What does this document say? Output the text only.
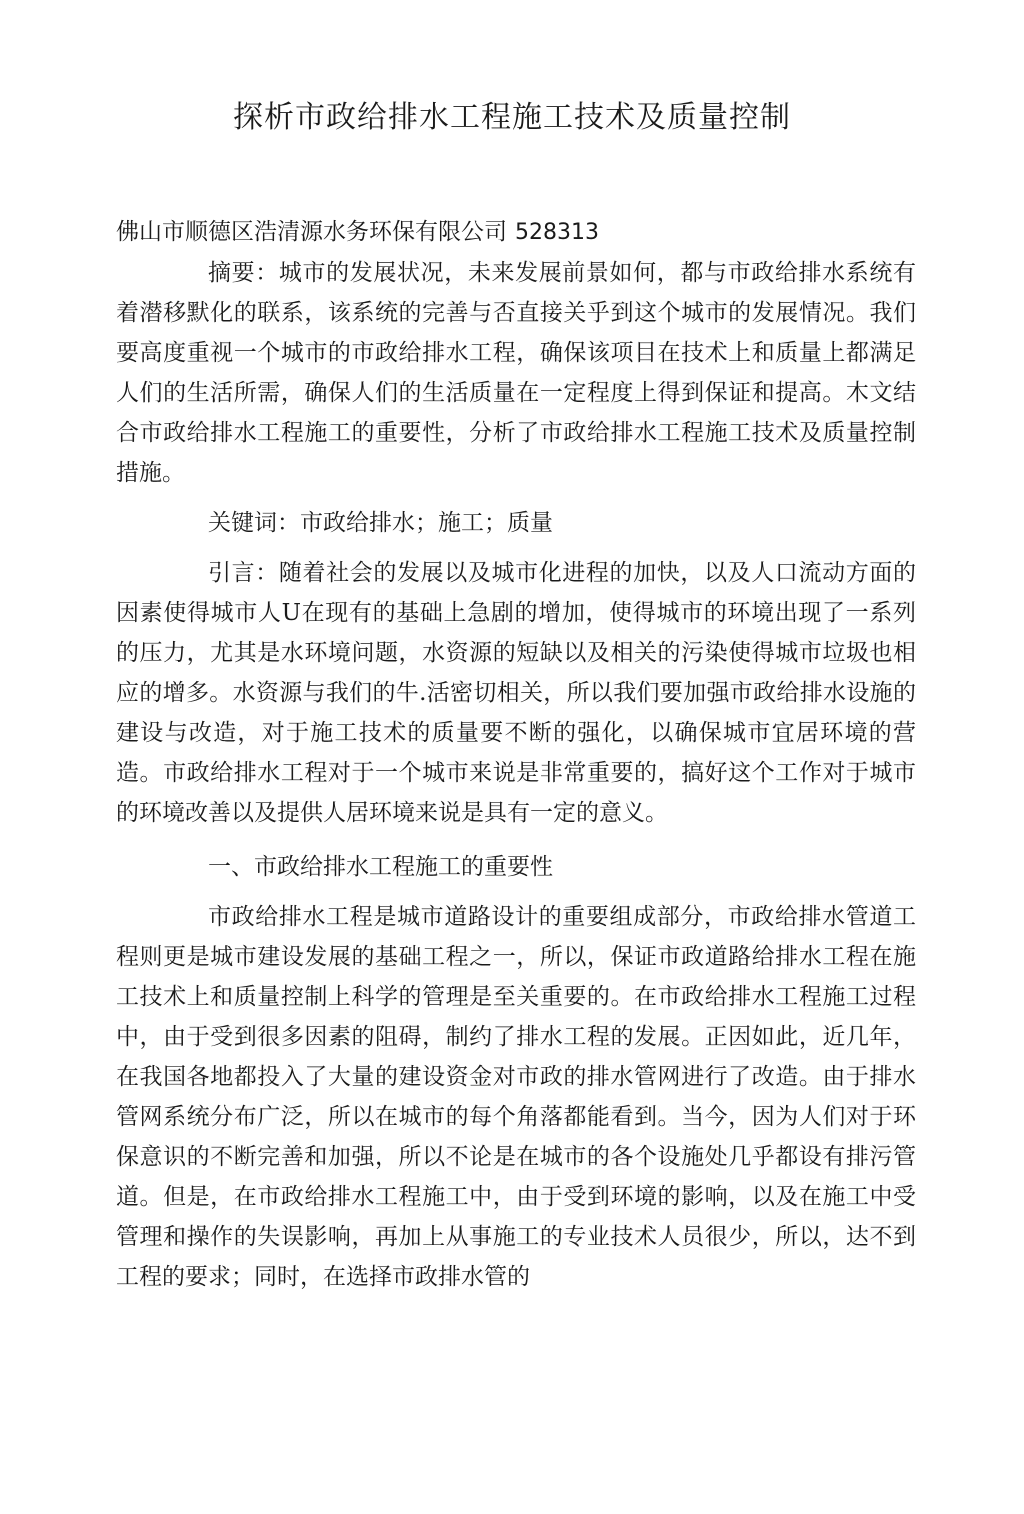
探析市政给排水工程施工技术及质量控制

佛山市顺德区浩清源水务环保有限公司 528313

摘要：城市的发展状况，未来发展前景如何，都与市政给排水系统有着潜移默化的联系，该系统的完善与否直接关乎到这个城市的发展情况。我们要高度重视一个城市的市政给排水工程，确保该项目在技术上和质量上都满足人们的生活所需，确保人们的生活质量在一定程度上得到保证和提高。木文结合市政给排水工程施工的重要性，分析了市政给排水工程施工技术及质量控制措施。

关键词：市政给排水；施工；质量

引言：随着社会的发展以及城市化进程的加快，以及人口流动方面的因素使得城市人U在现有的基础上急剧的增加，使得城市的环境出现了一系列的压力，尤其是水环境问题，水资源的短缺以及相关的污染使得城市垃圾也相应的增多。水资源与我们的牛.活密切相关，所以我们要加强市政给排水设施的建设与改造，对于施工技术的质量要不断的强化，以确保城市宜居环境的营造。市政给排水工程对于一个城市来说是非常重要的，搞好这个工作对于城市的环境改善以及提供人居环境来说是具有一定的意义。

一、市政给排水工程施工的重要性

市政给排水工程是城市道路设计的重要组成部分，市政给排水管道工程则更是城市建设发展的基础工程之一，所以，保证市政道路给排水工程在施工技术上和质量控制上科学的管理是至关重要的。在市政给排水工程施工过程中，由于受到很多因素的阻碍，制约了排水工程的发展。正因如此，近几年，在我国各地都投入了大量的建设资金对市政的排水管网进行了改造。由于排水管网系统分布广泛，所以在城市的每个角落都能看到。当今，因为人们对于环保意识的不断完善和加强，所以不论是在城市的各个设施处几乎都设有排污管道。但是，在市政给排水工程施工中，由于受到环境的影响，以及在施工中受管理和操作的失误影响，再加上从事施工的专业技术人员很少，所以，达不到工程的要求；同时，在选择市政排水管的
